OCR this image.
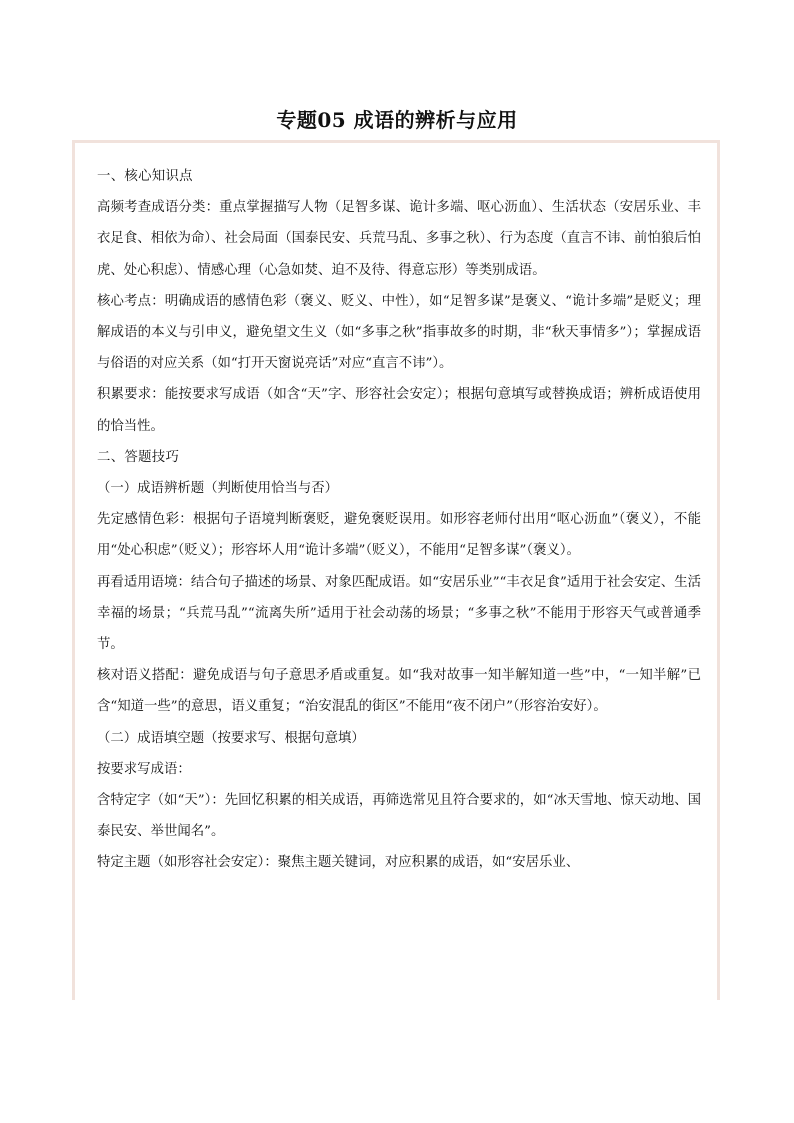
专题05 成语的辨析与应用

一、核心知识点

高频考查成语分类：重点掌握描写人物（足智多谋、诡计多端、呕心沥血）、生活状态（安居乐业、丰衣足食、相依为命）、社会局面（国泰民安、兵荒马乱、多事之秋）、行为态度（直言不讳、前怕狼后怕虎、处心积虑）、情感心理（心急如焚、迫不及待、得意忘形）等类别成语。

核心考点：明确成语的感情色彩（褒义、贬义、中性），如“足智多谋”是褒义、“诡计多端”是贬义；理解成语的本义与引申义，避免望文生义（如“多事之秋”指事故多的时期，非“秋天事情多”）；掌握成语与俗语的对应关系（如“打开天窗说亮话”对应“直言不讳”）。

积累要求：能按要求写成语（如含“天”字、形容社会安定）；根据句意填写或替换成语；辨析成语使用的恰当性。

二、答题技巧

（一）成语辨析题（判断使用恰当与否）

先定感情色彩：根据句子语境判断褒贬，避免褒贬误用。如形容老师付出用“呕心沥血”（褒义），不能用“处心积虑”（贬义）；形容坏人用“诡计多端”（贬义），不能用“足智多谋”（褒义）。

再看适用语境：结合句子描述的场景、对象匹配成语。如“安居乐业”“丰衣足食”适用于社会安定、生活幸福的场景；“兵荒马乱”“流离失所”适用于社会动荡的场景；“多事之秋”不能用于形容天气或普通季节。

核对语义搭配：避免成语与句子意思矛盾或重复。如“我对故事一知半解知道一些”中，“一知半解”已含“知道一些”的意思，语义重复；“治安混乱的街区”不能用“夜不闭户”（形容治安好）。

（二）成语填空题（按要求写、根据句意填）

按要求写成语：

含特定字（如“天”）：先回忆积累的相关成语，再筛选常见且符合要求的，如“冰天雪地、惊天动地、国泰民安、举世闻名”。

特定主题（如形容社会安定）：聚焦主题关键词，对应积累的成语，如“安居乐业、
